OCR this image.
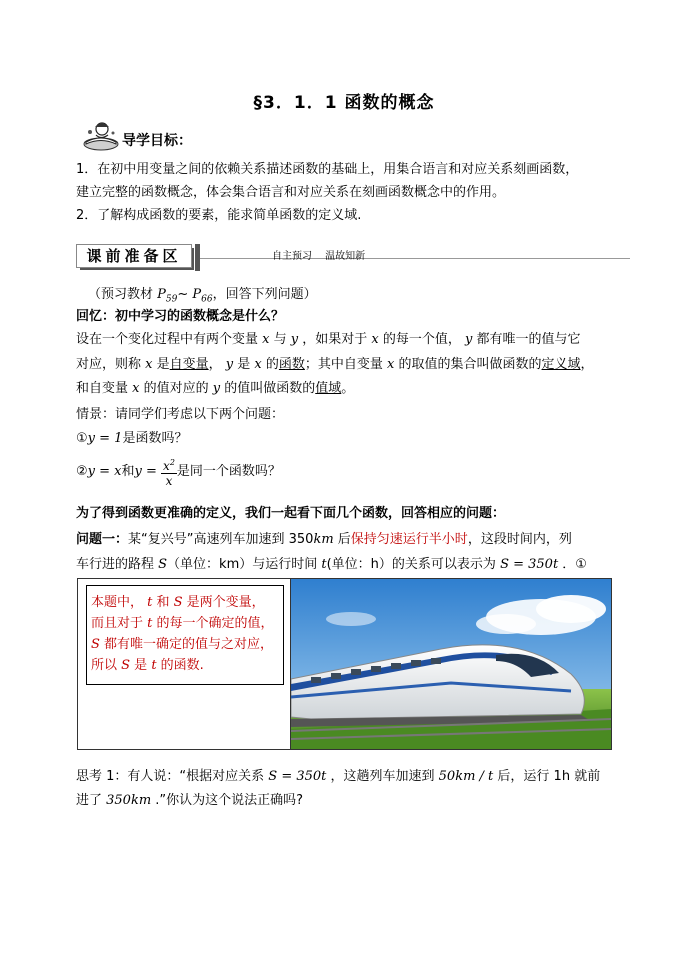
§3．1．1 函数的概念
导学目标：
1．在初中用变量之间的依赖关系描述函数的基础上，用集合语言和对应关系刻画函数，
建立完整的函数概念，体会集合语言和对应关系在刻画函数概念中的作用。
2．了解构成函数的要素，能求简单函数的定义域.
课前准备区	自主预习 温故知新
（预习教材 $P_{59}\sim$ $P_{66}$，回答下列问题）
回忆：初中学习的函数概念是什么？
设在一个变化过程中有两个变量 x 与 y ，如果对于 x 的每一个值， y 都有唯一的值与它
对应，则称 x 是自变量， y 是 x 的函数；其中自变量 x 的取值的集合叫做函数的定义域，
和自变量 x 的值对应的 y 的值叫做函数的值域。
情景：请同学们考虑以下两个问题：
①y = 1是函数吗？
②y = x和$y = \frac{x^2}{x}$ 是同一个函数吗？
为了得到函数更准确的定义，我们一起看下面几个函数，回答相应的问题：
问题一：某“复兴号”高速列车加速到 350km 后保持匀速运行半小时，这段时间内，列
车行进的路程 S（单位：km）与运行时间 t(单位：h）的关系可以表示为 S = 350t ．①
本题中， t 和 S 是两个变量，
而且对于 t 的每一个确定的值，
S 都有唯一确定的值与之对应，
所以 S 是 t 的函数.
思考 1：有人说：“根据对应关系 S = 350t ，这趟列车加速到 50km / t 后，运行 1h 就前
进了 350km .”你认为这个说法正确吗?
